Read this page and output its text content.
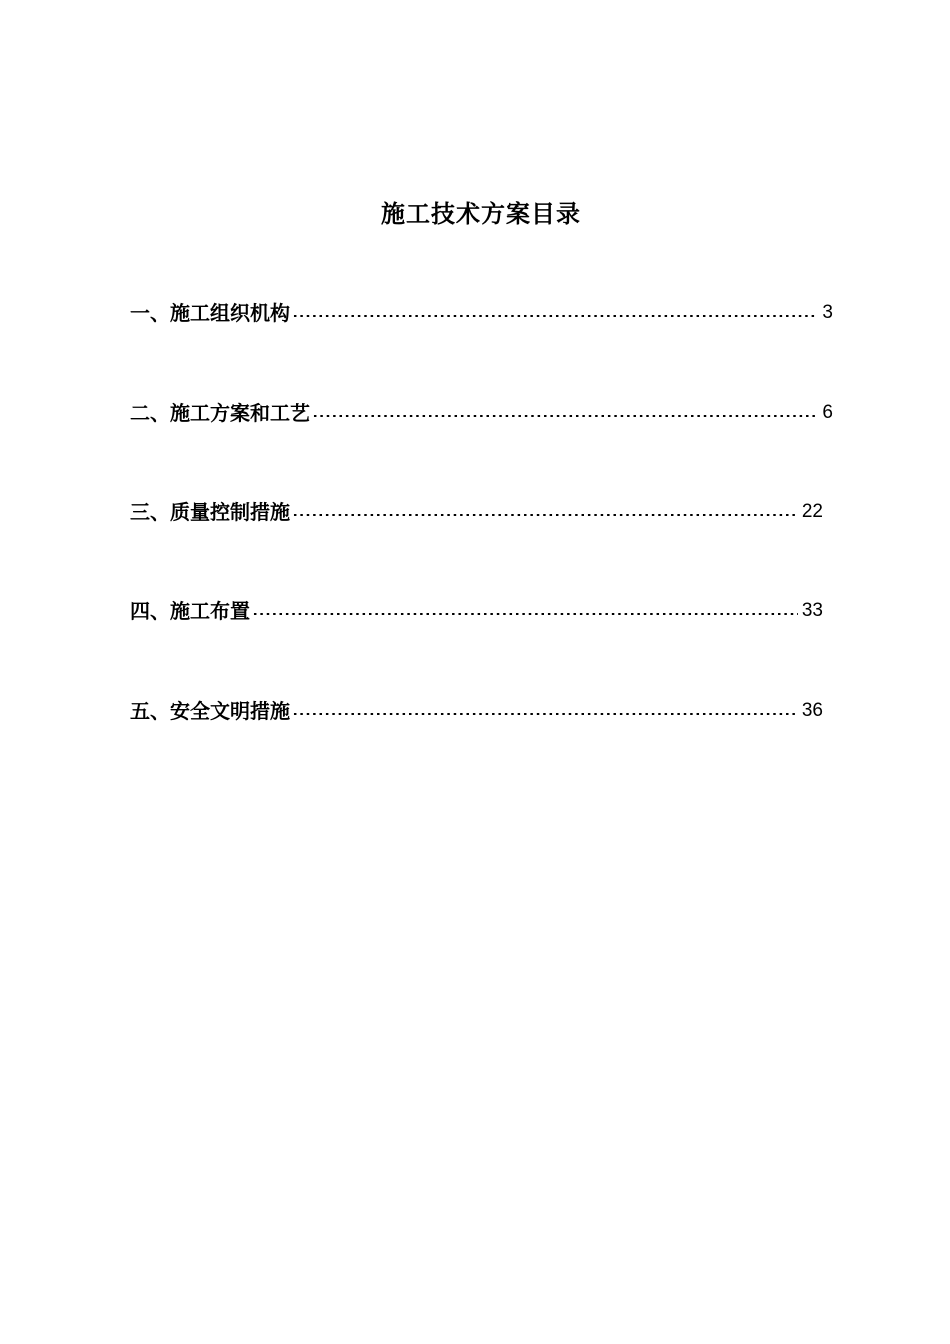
施工技术方案目录
一、施工组织机构	3
二、施工方案和工艺	6
三、质量控制措施	22
四、施工布置	33
五、安全文明措施	36
